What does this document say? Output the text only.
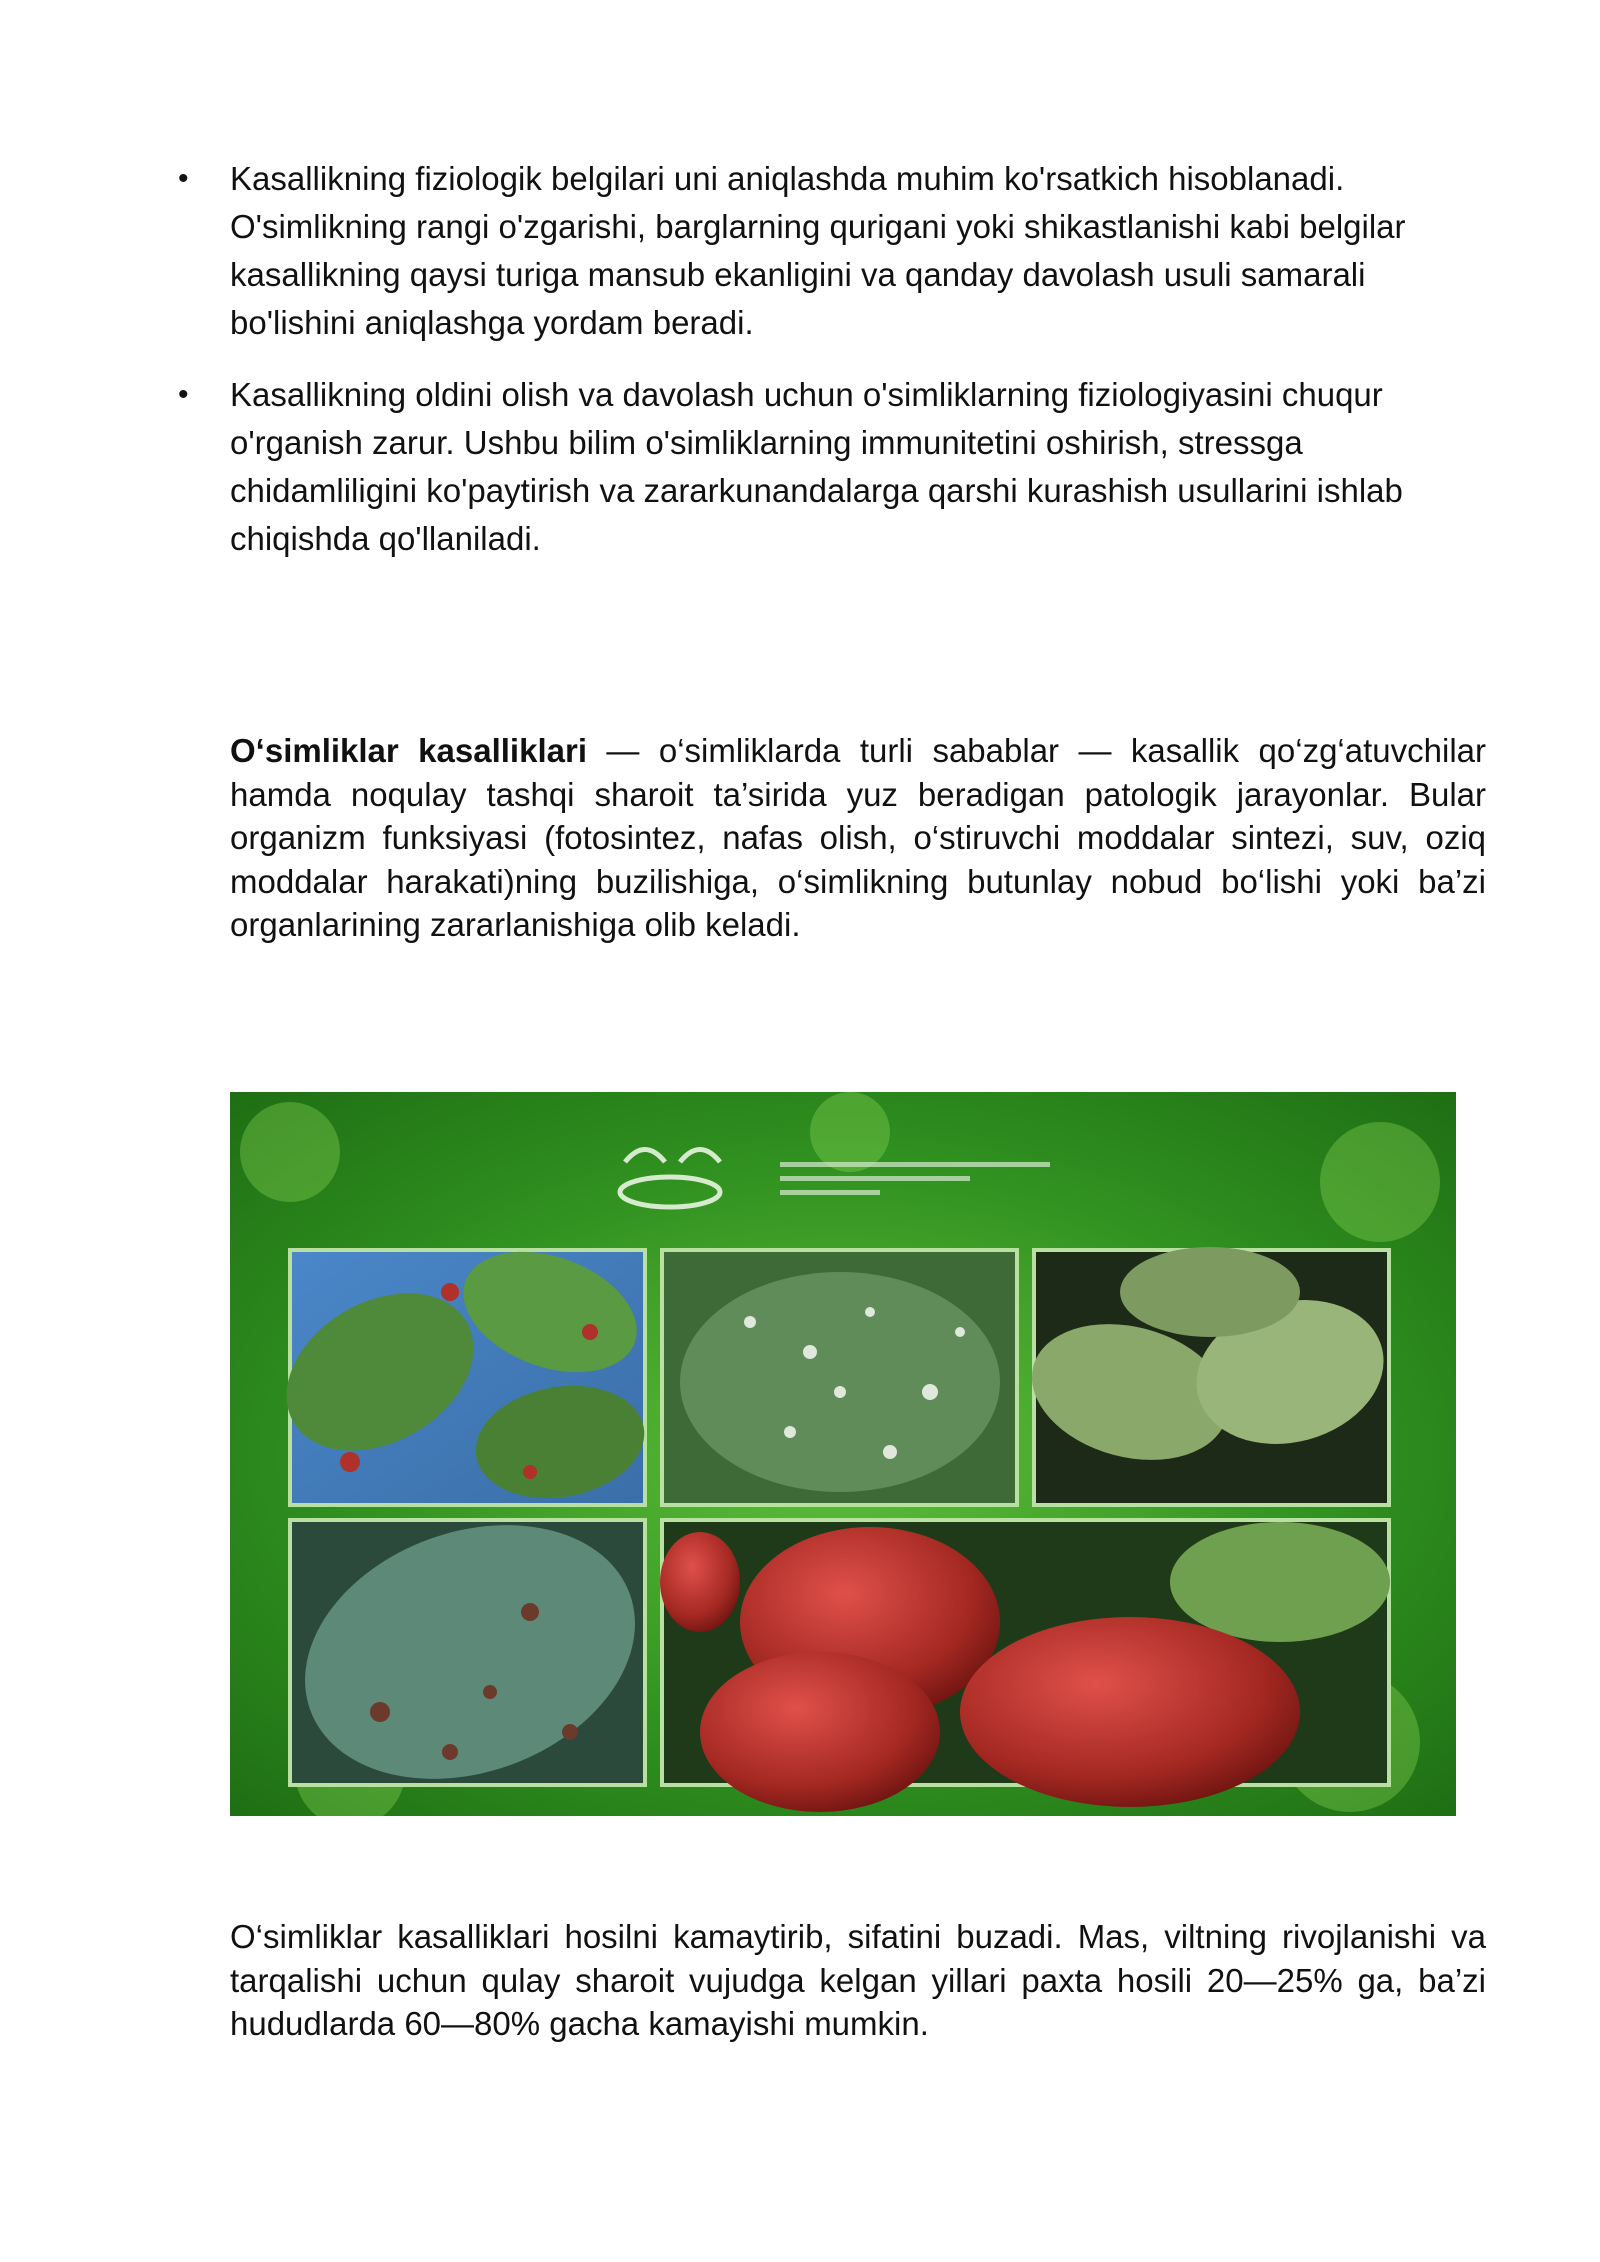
• Kasallikning fiziologik belgilari uni aniqlashda muhim ko'rsatkich hisoblanadi. O'simlikning rangi o'zgarishi, barglarning qurigani yoki shikastlanishi kabi belgilar kasallikning qaysi turiga mansub ekanligini va qanday davolash usuli samarali bo'lishini aniqlashga yordam beradi.
• Kasallikning oldini olish va davolash uchun o'simliklarning fiziologiyasini chuqur o'rganish zarur. Ushbu bilim o'simliklarning immunitetini oshirish, stressga chidamliligini ko'paytirish va zararkunandalarga qarshi kurashish usullarini ishlab chiqishda qo'llaniladi.

O‘simliklar kasalliklari — o‘simliklarda turli sabablar — kasallik qo‘zg‘atuvchilar hamda noqulay tashqi sharoit ta’sirida yuz beradigan patologik jarayonlar. Bular organizm funksiyasi (fotosintez, nafas olish, o‘stiruvchi moddalar sintezi, suv, oziq moddalar harakati)ning buzilishiga, o‘simlikning butunlay nobud bo‘lishi yoki ba’zi organlarining zararlanishiga olib keladi.

O‘simliklar kasalliklari hosilni kamaytirib, sifatini buzadi. Mas, viltning rivojlanishi va tarqalishi uchun qulay sharoit vujudga kelgan yillari paxta hosili 20—25% ga, ba’zi hududlarda 60—80% gacha kamayishi mumkin.
